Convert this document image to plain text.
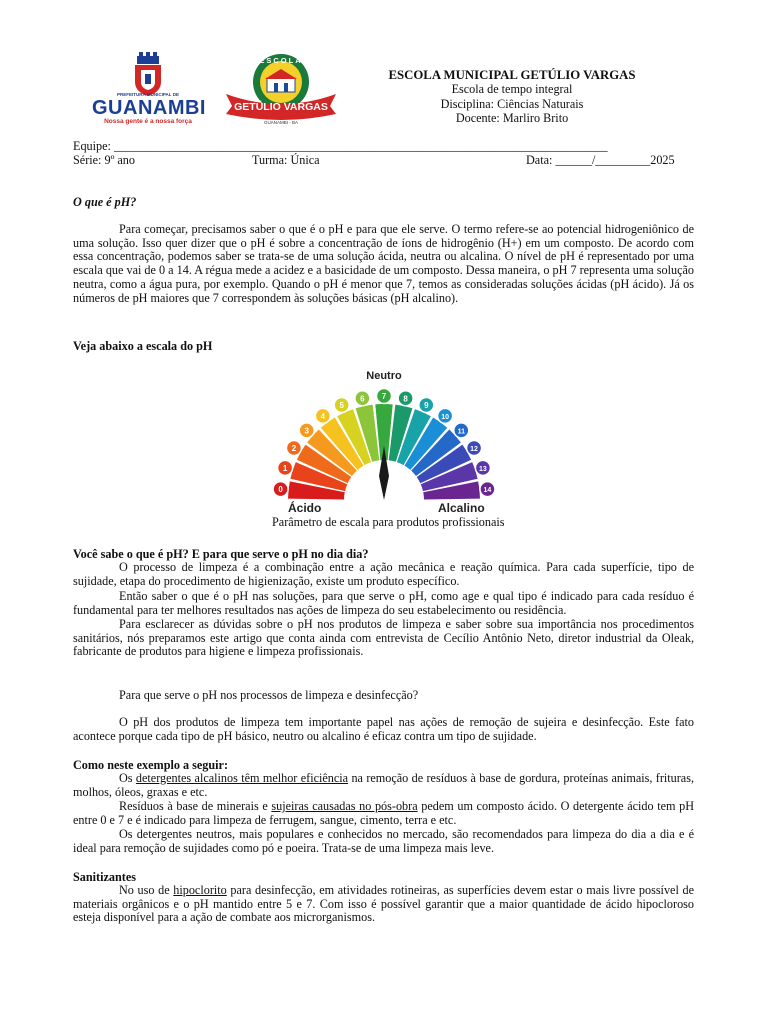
PREFEITURA MUNICIPAL DE
GUANAMBI
Nossa gente é a nossa força
ESCOLA
GETÚLIO VARGAS
GUANAMBI - BA
ESCOLA MUNICIPAL GETÚLIO VARGAS
Escola de tempo integral
Disciplina: Ciências Naturais
Docente: Marliro Brito
Equipe: _________________________________________________________________________________
Série: 9º ano	Turma: Única	Data: ______/_________2025
O que é pH?
Para começar, precisamos saber o que é o pH e para que ele serve. O termo refere-se ao potencial hidrogeniônico de uma solução. Isso quer dizer que o pH é sobre a concentração de íons de hidrogênio (H+) em um composto. De acordo com essa concentração, podemos saber se trata-se de uma solução ácida, neutra ou alcalina. O nível de pH é representado por uma escala que vai de 0 a 14. A régua mede a acidez e a basicidade de um composto. Dessa maneira, o pH 7 representa uma solução neutra, como a água pura, por exemplo. Quando o pH é menor que 7, temos as consideradas soluções ácidas (pH ácido). Já os números de pH maiores que 7 correspondem às soluções básicas (pH alcalino).
Veja abaixo a escala do pH
0
1
2
3
4
5
6 7 8
9
10
11
12
13
14
Neutro
Ácido	Alcalino
Parâmetro de escala para produtos profissionais
Você sabe o que é pH? E para que serve o pH no dia dia?
O processo de limpeza é a combinação entre a ação mecânica e reação química. Para cada superfície, tipo de sujidade, etapa do procedimento de higienização, existe um produto específico.
Então saber o que é o pH nas soluções, para que serve o pH, como age e qual tipo é indicado para cada resíduo é fundamental para ter melhores resultados nas ações de limpeza do seu estabelecimento ou residência.
Para esclarecer as dúvidas sobre o pH nos produtos de limpeza e saber sobre sua importância nos procedimentos sanitários, nós preparamos este artigo que conta ainda com entrevista de Cecílio Antônio Neto, diretor industrial da Oleak, fabricante de produtos para higiene e limpeza profissionais.
Para que serve o pH nos processos de limpeza e desinfecção?
O pH dos produtos de limpeza tem importante papel nas ações de remoção de sujeira e desinfecção. Este fato acontece porque cada tipo de pH básico, neutro ou alcalino é eficaz contra um tipo de sujidade.
Como neste exemplo a seguir:
Os detergentes alcalinos têm melhor eficiência na remoção de resíduos à base de gordura, proteínas animais, frituras, molhos, óleos, graxas e etc.
Resíduos à base de minerais e sujeiras causadas no pós-obra pedem um composto ácido. O detergente ácido tem pH entre 0 e 7 e é indicado para limpeza de ferrugem, sangue, cimento, terra e etc.
Os detergentes neutros, mais populares e conhecidos no mercado, são recomendados para limpeza do dia a dia e é ideal para remoção de sujidades como pó e poeira. Trata-se de uma limpeza mais leve.
Sanitizantes
No uso de hipoclorito para desinfecção, em atividades rotineiras, as superfícies devem estar o mais livre possível de materiais orgânicos e o pH mantido entre 5 e 7. Com isso é possível garantir que a maior quantidade de ácido hipocloroso esteja disponível para a ação de combate aos microrganismos.
